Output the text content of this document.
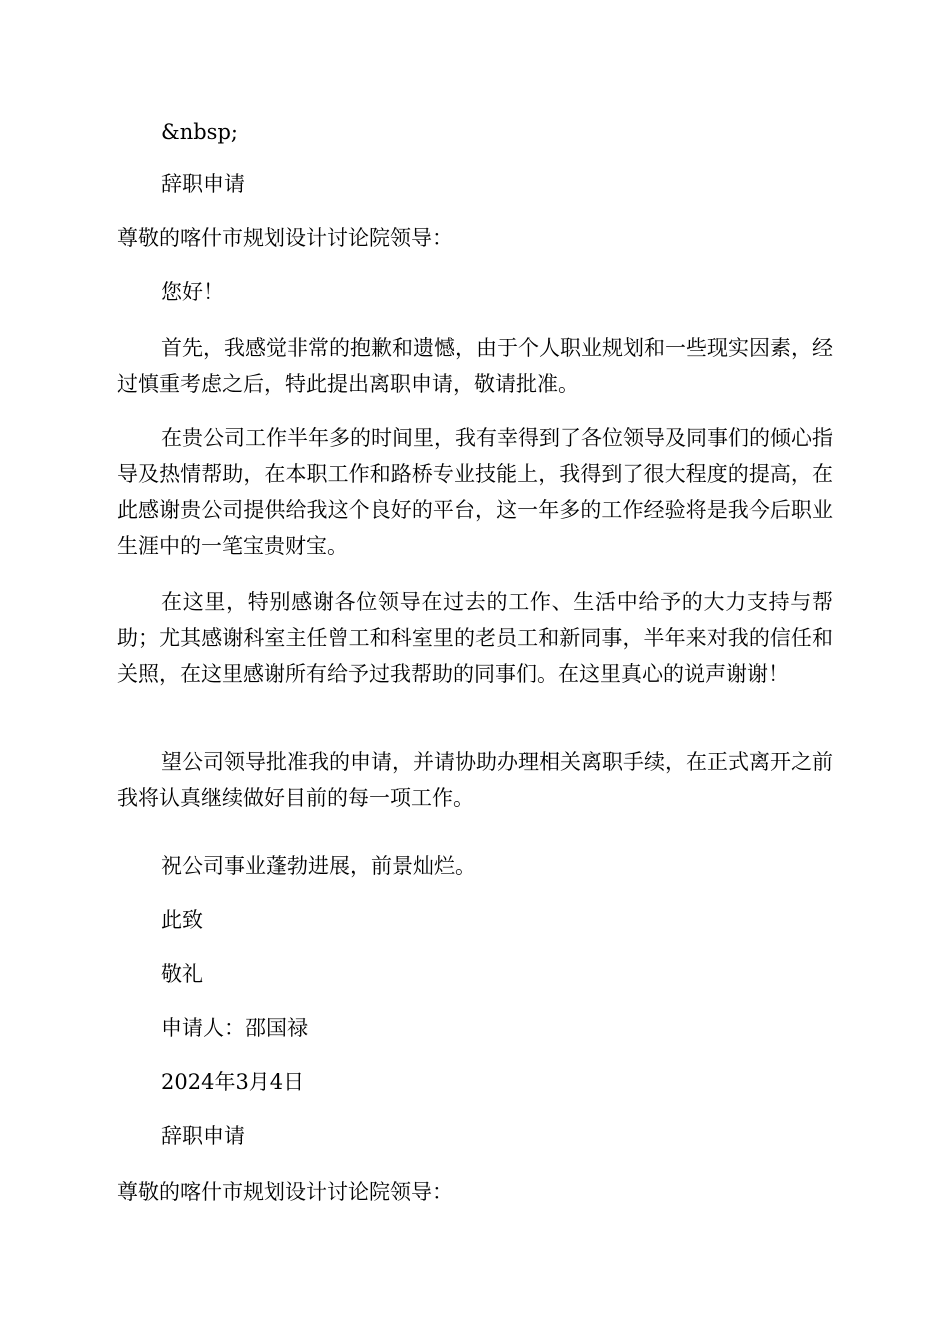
&nbsp;

辞职申请

尊敬的喀什市规划设计讨论院领导：

您好！

首先，我感觉非常的抱歉和遗憾，由于个人职业规划和一些现实因素，经过慎重考虑之后，特此提出离职申请，敬请批准。

在贵公司工作半年多的时间里，我有幸得到了各位领导及同事们的倾心指导及热情帮助，在本职工作和路桥专业技能上，我得到了很大程度的提高，在此感谢贵公司提供给我这个良好的平台，这一年多的工作经验将是我今后职业生涯中的一笔宝贵财宝。

在这里，特别感谢各位领导在过去的工作、生活中给予的大力支持与帮助；尤其感谢科室主任曾工和科室里的老员工和新同事，半年来对我的信任和关照，在这里感谢所有给予过我帮助的同事们。在这里真心的说声谢谢！

望公司领导批准我的申请，并请协助办理相关离职手续，在正式离开之前我将认真继续做好目前的每一项工作。

祝公司事业蓬勃进展，前景灿烂。

此致

敬礼

申请人：邵国禄

2024年3月4日

辞职申请

尊敬的喀什市规划设计讨论院领导：
